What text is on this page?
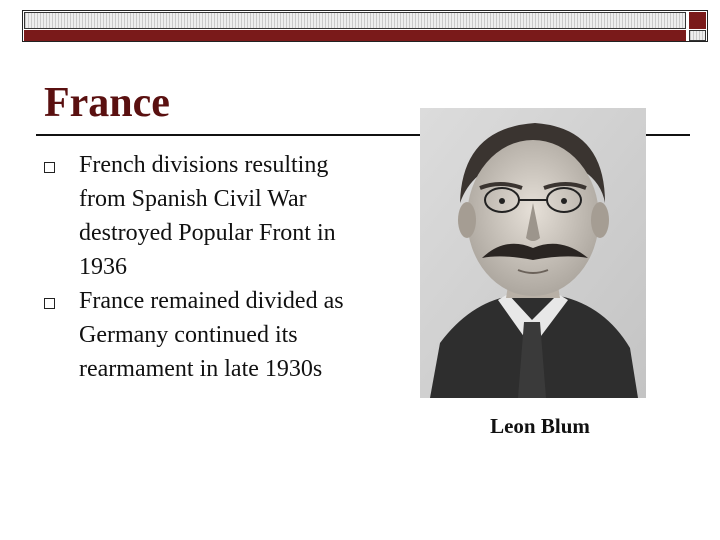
France
French divisions resulting from Spanish Civil War destroyed Popular Front in 1936
France remained divided as Germany continued its rearmament in late 1930s
Leon Blum
